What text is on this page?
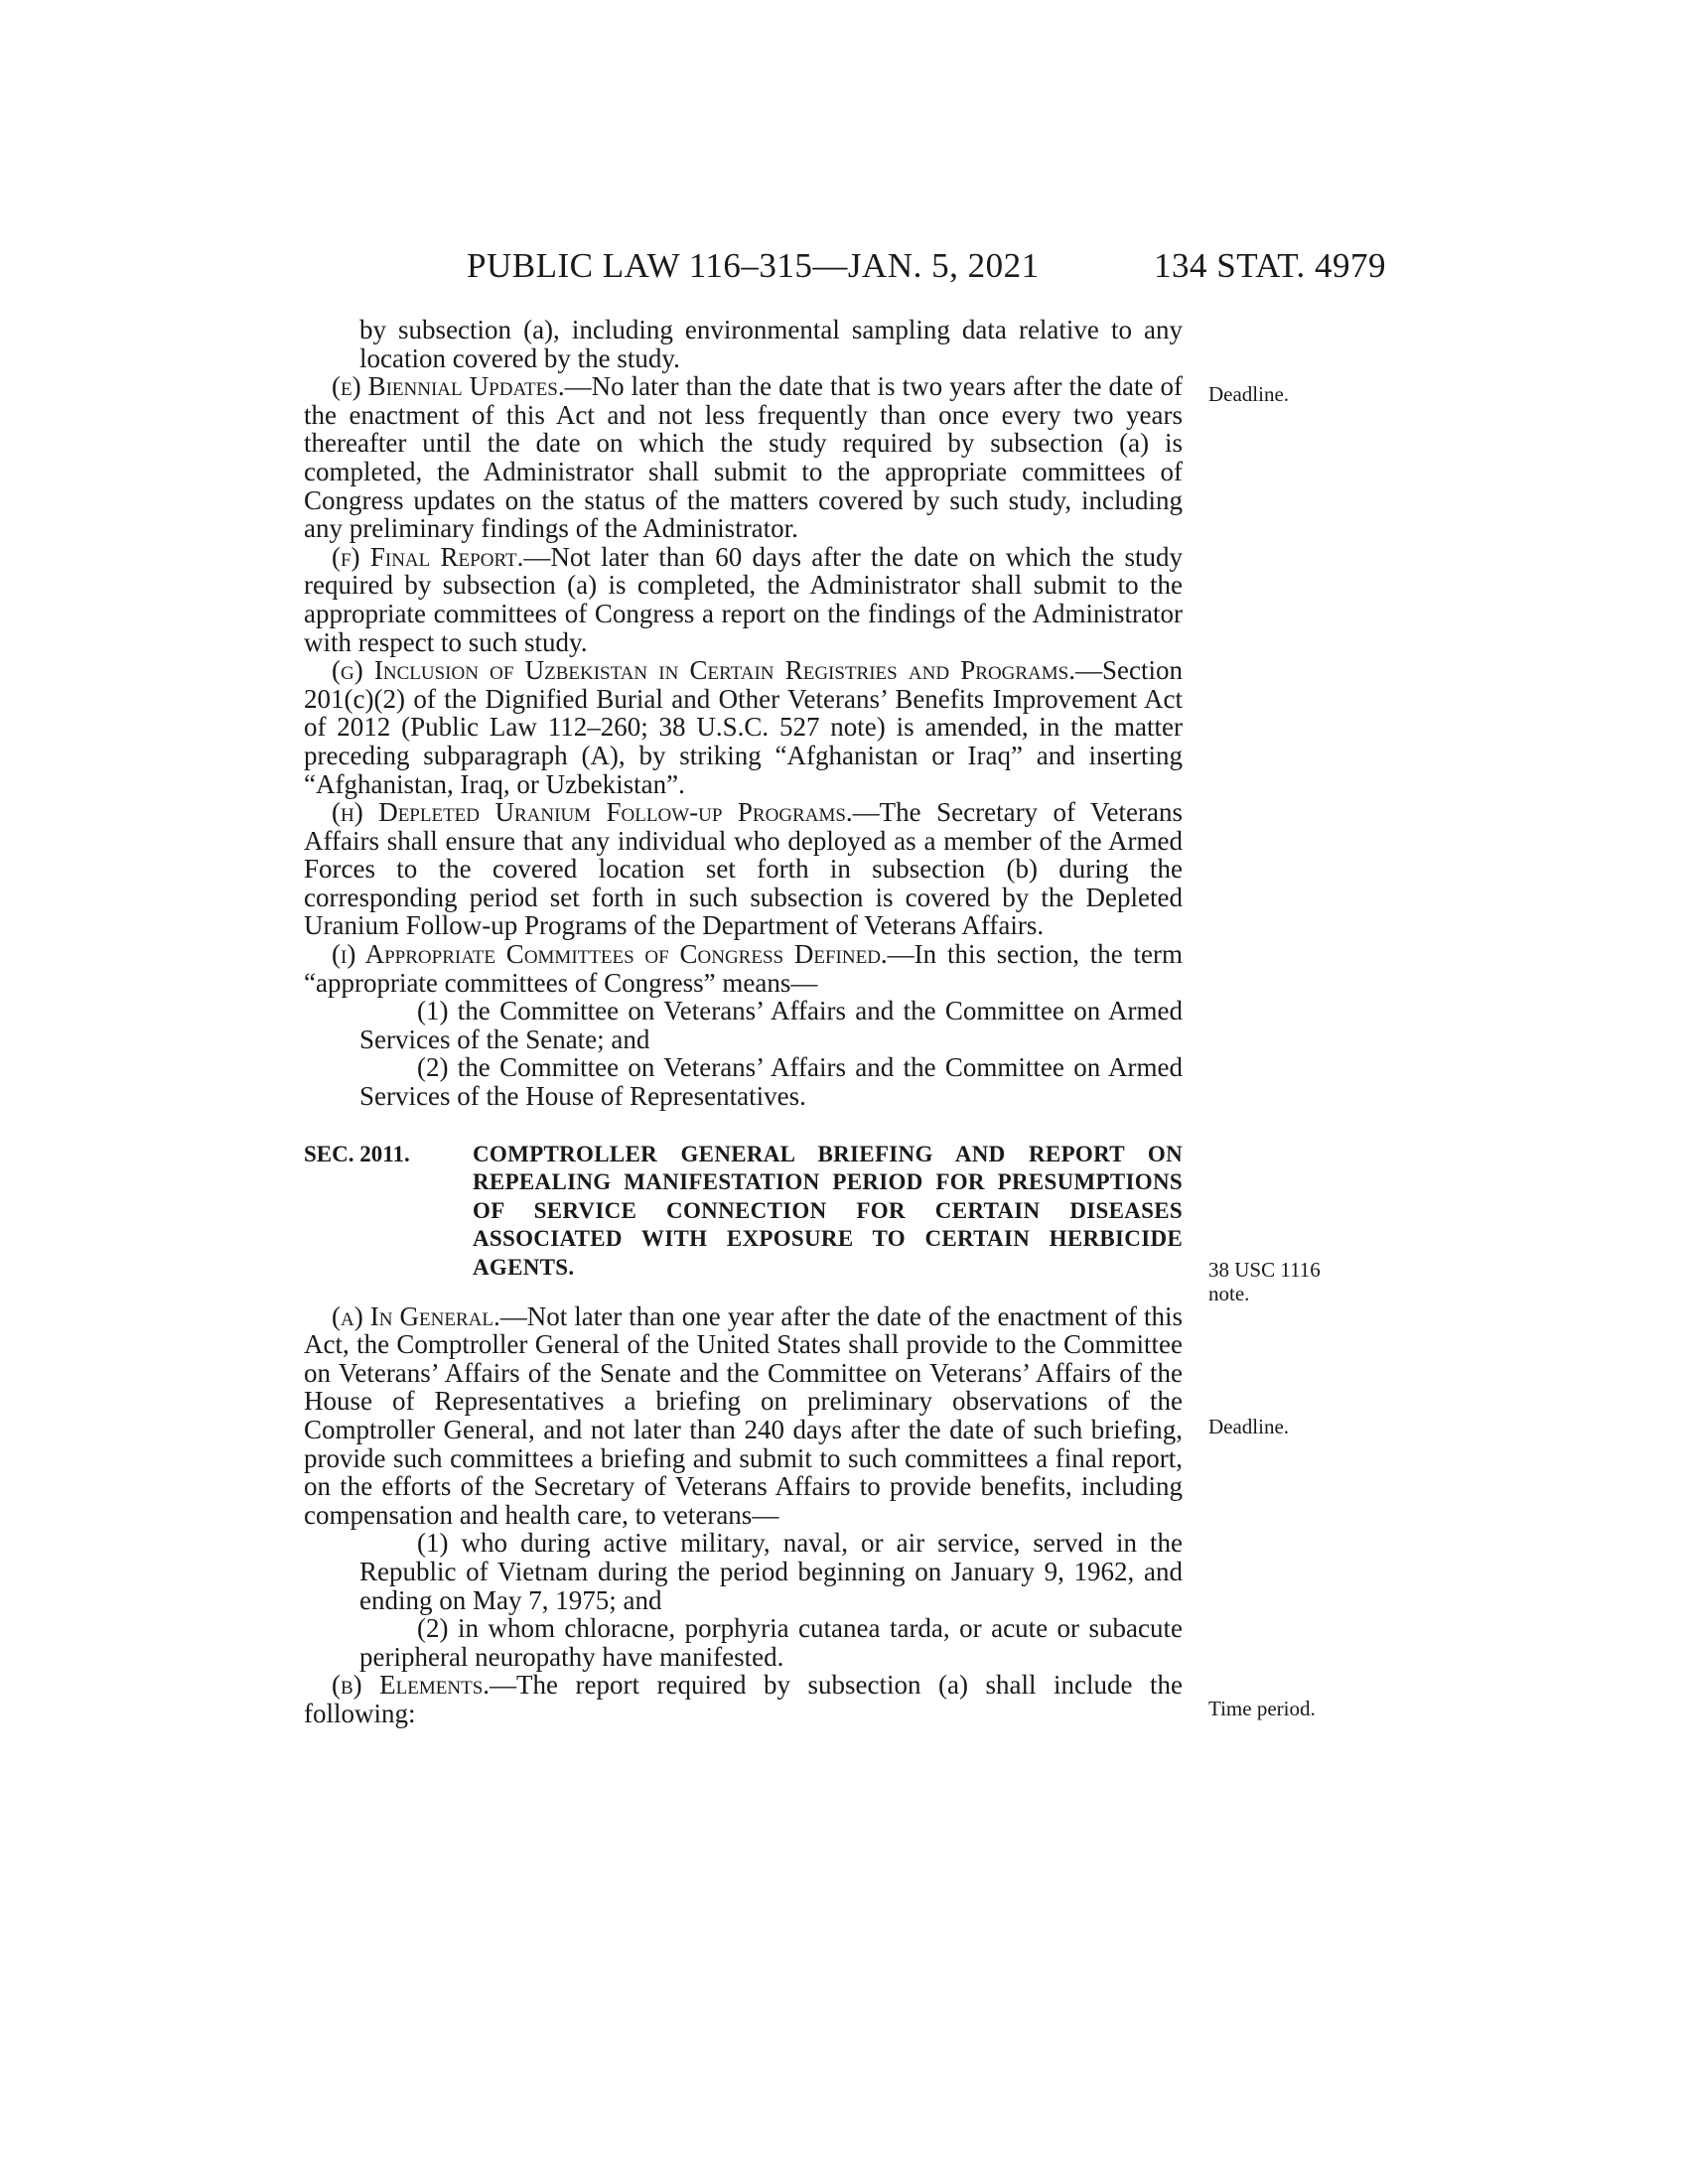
PUBLIC LAW 116–315—JAN. 5, 2021	134 STAT. 4979

by subsection (a), including environmental sampling data relative to any location covered by the study.

(e) Biennial Updates.—No later than the date that is two years after the date of the enactment of this Act and not less frequently than once every two years thereafter until the date on which the study required by subsection (a) is completed, the Administrator shall submit to the appropriate committees of Congress updates on the status of the matters covered by such study, including any preliminary findings of the Administrator.

(f) Final Report.—Not later than 60 days after the date on which the study required by subsection (a) is completed, the Administrator shall submit to the appropriate committees of Congress a report on the findings of the Administrator with respect to such study.

(g) Inclusion of Uzbekistan in Certain Registries and Programs.—Section 201(c)(2) of the Dignified Burial and Other Veterans’ Benefits Improvement Act of 2012 (Public Law 112–260; 38 U.S.C. 527 note) is amended, in the matter preceding subparagraph (A), by striking “Afghanistan or Iraq” and inserting “Afghanistan, Iraq, or Uzbekistan”.

(h) Depleted Uranium Follow-up Programs.—The Secretary of Veterans Affairs shall ensure that any individual who deployed as a member of the Armed Forces to the covered location set forth in subsection (b) during the corresponding period set forth in such subsection is covered by the Depleted Uranium Follow-up Programs of the Department of Veterans Affairs.

(i) Appropriate Committees of Congress Defined.—In this section, the term “appropriate committees of Congress” means—

(1) the Committee on Veterans’ Affairs and the Committee on Armed Services of the Senate; and

(2) the Committee on Veterans’ Affairs and the Committee on Armed Services of the House of Representatives.

SEC. 2011.	COMPTROLLER GENERAL BRIEFING AND REPORT ON REPEALING MANIFESTATION PERIOD FOR PRESUMPTIONS OF SERVICE CONNECTION FOR CERTAIN DISEASES ASSOCIATED WITH EXPOSURE TO CERTAIN HERBICIDE AGENTS.

(a) In General.—Not later than one year after the date of the enactment of this Act, the Comptroller General of the United States shall provide to the Committee on Veterans’ Affairs of the Senate and the Committee on Veterans’ Affairs of the House of Representatives a briefing on preliminary observations of the Comptroller General, and not later than 240 days after the date of such briefing, provide such committees a briefing and submit to such committees a final report, on the efforts of the Secretary of Veterans Affairs to provide benefits, including compensation and health care, to veterans—

(1) who during active military, naval, or air service, served in the Republic of Vietnam during the period beginning on January 9, 1962, and ending on May 7, 1975; and

(2) in whom chloracne, porphyria cutanea tarda, or acute or subacute peripheral neuropathy have manifested.

(b) Elements.—The report required by subsection (a) shall include the following:

Deadline.
38 USC 1116
note.
Deadline.
Time period.
